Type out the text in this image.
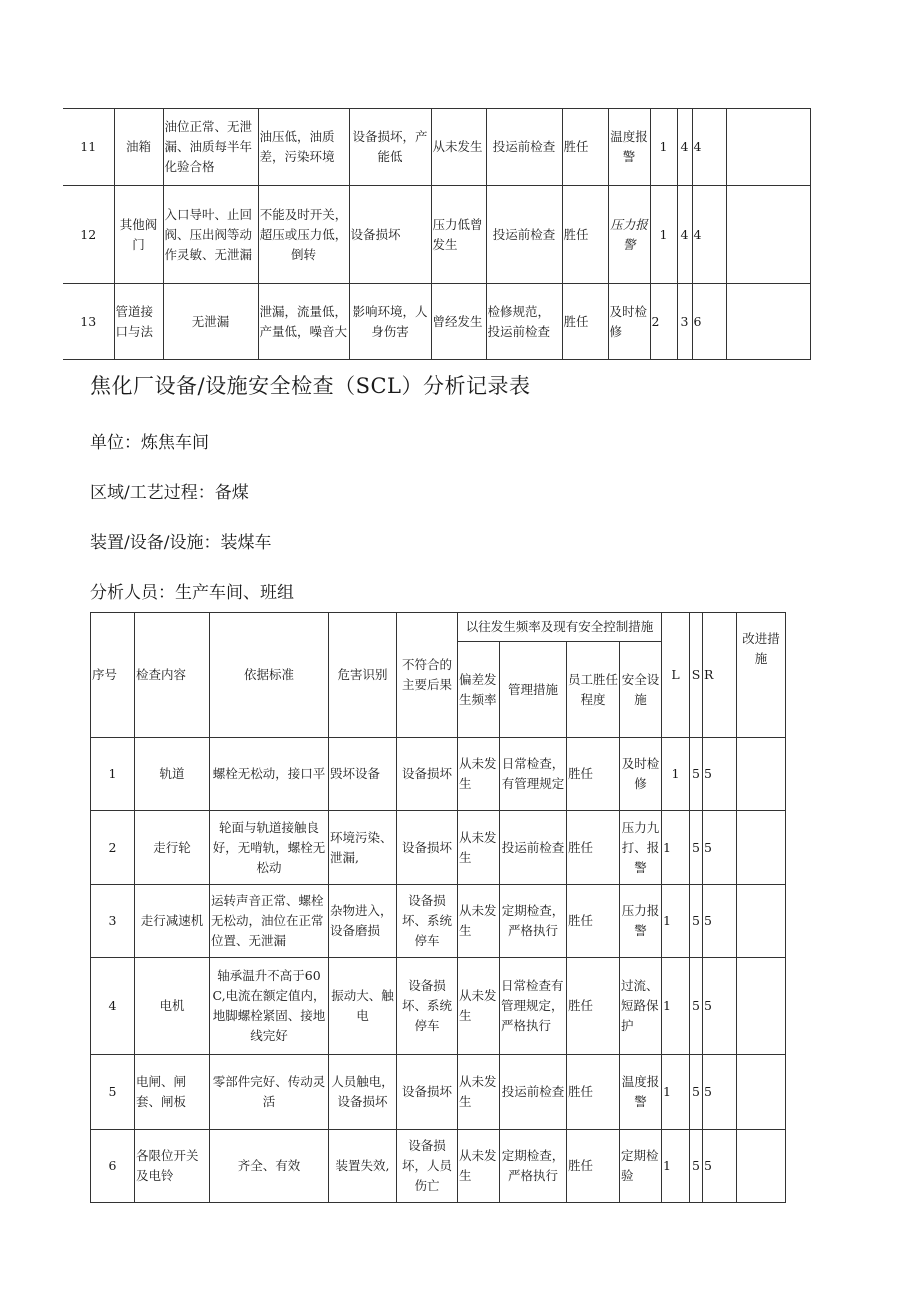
11	油箱	油位正常、无泄漏、油质每半年化验合格	油压低，油质差，污染环境	设备损坏，产能低	从未发生	投运前检查	胜任	温度报警	1	4	4	
12	其他阀门	入口导叶、止回阀、压出阀等动作灵敏、无泄漏	不能及时开关，超压或压力低，倒转	设备损坏	压力低曾发生	投运前检查	胜任	压力报警	1	4	4	
13	管道接口与法	无泄漏	泄漏，流量低，产量低，噪音大	影响环境，人身伤害	曾经发生	检修规范，投运前检查	胜任	及时检修	2	3	6	
焦化厂设备/设施安全检查（SCL）分析记录表
单位：炼焦车间
区域/工艺过程：备煤
装置/设备/设施：装煤车
分析人员：生产车间、班组
序号	检查内容	依据标准	危害识别	不符合的主要后果	以往发生频率及现有安全控制措施				L	S	R	改进措施
					偏差发生频率	管理措施	员工胜任程度	安全设施				
1	轨道	螺栓无松动，接口平	毁坏设备	设备损坏	从未发生	日常检查，有管理规定	胜任	及时检修	1	5	5	
2	走行轮	轮面与轨道接触良好，无啃轨，螺栓无松动	环境污染、泄漏,	设备损坏	从未发生	投运前检查	胜任	压力九打、报警	1	5	5	
3	走行减速机	运转声音正常、螺栓无松动，油位在正常位置、无泄漏	杂物进入，设备磨损	设备损坏、系统停车	从未发生	定期检查，严格执行	胜任	压力报警	1	5	5	
4	电机	轴承温升不高于60C,电流在额定值内，地脚螺栓紧固、接地线完好	振动大、触电	设备损坏、系统停车	从未发生	日常检查有管理规定，严格执行	胜任	过流、短路保护	1	5	5	
5	电闸、闸套、闸板	零部件完好、传动灵活	人员触电，设备损坏	设备损坏	从未发生	投运前检查	胜任	温度报警	1	5	5	
6	各限位开关及电铃	齐全、有效	装置失效,	设备损坏，人员伤亡	从未发生	定期检查，严格执行	胜任	定期检验	1	5	5	
